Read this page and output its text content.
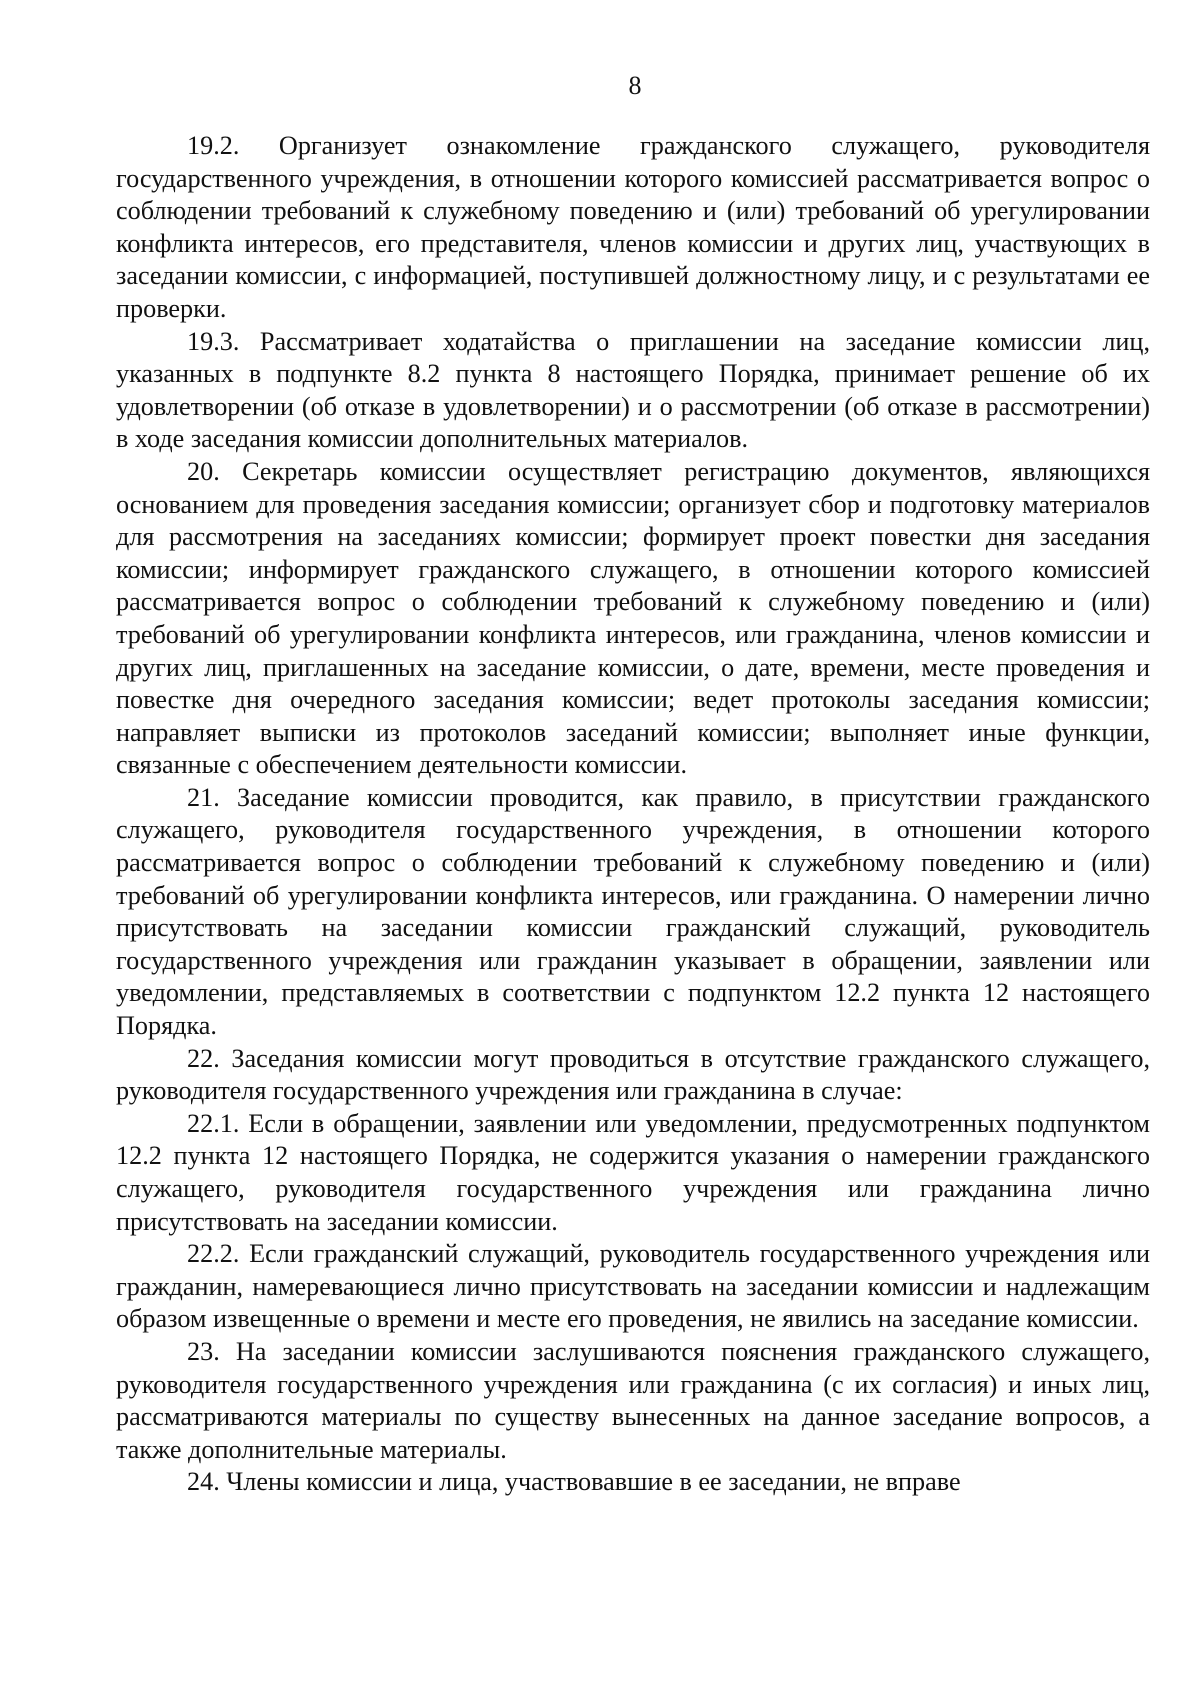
8

19.2. Организует ознакомление гражданского служащего, руководителя государственного учреждения, в отношении которого комиссией рассматривается вопрос о соблюдении требований к служебному поведению и (или) требований об урегулировании конфликта интересов, его представителя, членов комиссии и других лиц, участвующих в заседании комиссии, с информацией, поступившей должностному лицу, и с результатами ее проверки.

19.3. Рассматривает ходатайства о приглашении на заседание комиссии лиц, указанных в подпункте 8.2 пункта 8 настоящего Порядка, принимает решение об их удовлетворении (об отказе в удовлетворении) и о рассмотрении (об отказе в рассмотрении) в ходе заседания комиссии дополнительных материалов.

20. Секретарь комиссии осуществляет регистрацию документов, являющихся основанием для проведения заседания комиссии; организует сбор и подготовку материалов для рассмотрения на заседаниях комиссии; формирует проект повестки дня заседания комиссии; информирует гражданского служащего, в отношении которого комиссией рассматривается вопрос о соблюдении требований к служебному поведению и (или) требований об урегулировании конфликта интересов, или гражданина, членов комиссии и других лиц, приглашенных на заседание комиссии, о дате, времени, месте проведения и повестке дня очередного заседания комиссии; ведет протоколы заседания комиссии; направляет выписки из протоколов заседаний комиссии; выполняет иные функции, связанные с обеспечением деятельности комиссии.

21. Заседание комиссии проводится, как правило, в присутствии гражданского служащего, руководителя государственного учреждения, в отношении которого рассматривается вопрос о соблюдении требований к служебному поведению и (или) требований об урегулировании конфликта интересов, или гражданина. О намерении лично присутствовать на заседании комиссии гражданский служащий, руководитель государственного учреждения или гражданин указывает в обращении, заявлении или уведомлении, представляемых в соответствии с подпунктом 12.2 пункта 12 настоящего Порядка.

22. Заседания комиссии могут проводиться в отсутствие гражданского служащего, руководителя государственного учреждения или гражданина в случае:

22.1. Если в обращении, заявлении или уведомлении, предусмотренных подпунктом 12.2 пункта 12 настоящего Порядка, не содержится указания о намерении гражданского служащего, руководителя государственного учреждения или гражданина лично присутствовать на заседании комиссии.

22.2. Если гражданский служащий, руководитель государственного учреждения или гражданин, намеревающиеся лично присутствовать на заседании комиссии и надлежащим образом извещенные о времени и месте его проведения, не явились на заседание комиссии.

23. На заседании комиссии заслушиваются пояснения гражданского служащего, руководителя государственного учреждения или гражданина (с их согласия) и иных лиц, рассматриваются материалы по существу вынесенных на данное заседание вопросов, а также дополнительные материалы.

24. Члены комиссии и лица, участвовавшие в ее заседании, не вправе
